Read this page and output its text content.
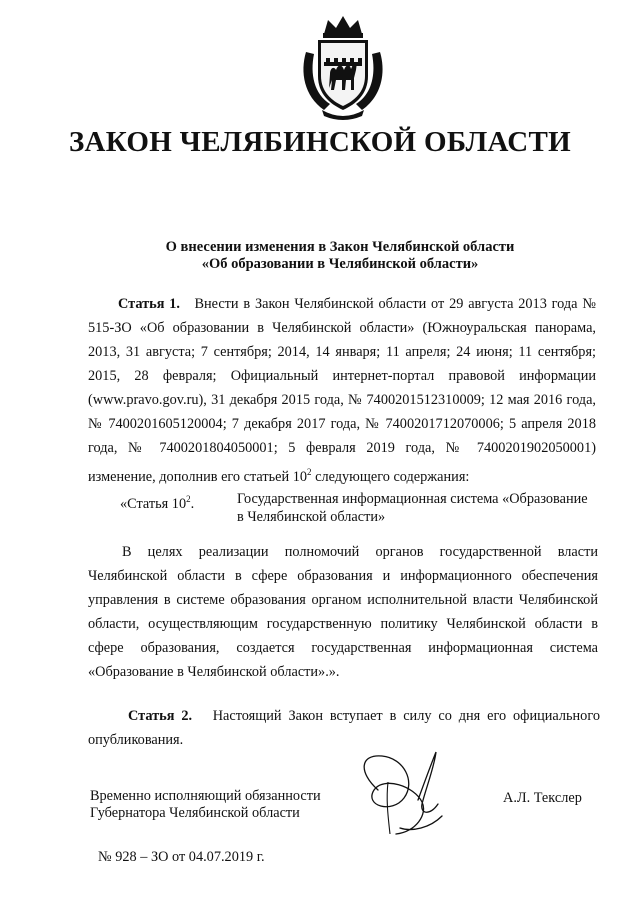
ЗАКОН ЧЕЛЯБИНСКОЙ ОБЛАСТИ
О внесении изменения в Закон Челябинской области
«Об образовании в Челябинской области»
Статья 1. Внести в Закон Челябинской области от 29 августа 2013 года № 515-ЗО «Об образовании в Челябинской области» (Южноуральская панорама, 2013, 31 августа; 7 сентября; 2014, 14 января; 11 апреля; 24 июня; 11 сентября; 2015, 28 февраля; Официальный интернет-портал правовой информации (www.pravo.gov.ru), 31 декабря 2015 года, № 7400201512310009; 12 мая 2016 года, № 7400201605120004; 7 декабря 2017 года, № 7400201712070006; 5 апреля 2018 года, № 7400201804050001; 5 февраля 2019 года, № 7400201902050001) изменение, дополнив его статьей $10^2$ следующего содержания:
«Статья $10^2$.	Государственная информационная система «Образование в Челябинской области»
В целях реализации полномочий органов государственной власти Челябинской области в сфере образования и информационного обеспечения управления в системе образования органом исполнительной власти Челябинской области, осуществляющим государственную политику Челябинской области в сфере образования, создается государственная информационная система «Образование в Челябинской области».».
Статья 2. Настоящий Закон вступает в силу со дня его официального опубликования.
Временно исполняющий обязанности
Губернатора Челябинской области
А.Л. Текслер
№ 928 – ЗО от 04.07.2019 г.
